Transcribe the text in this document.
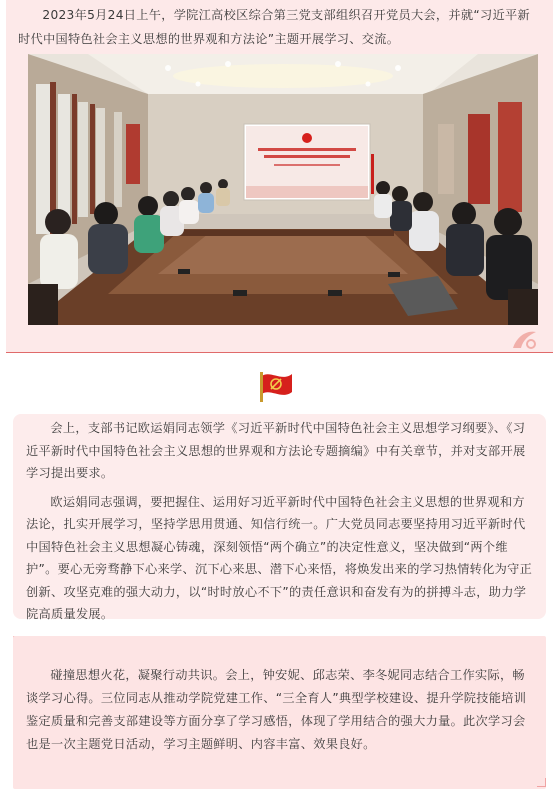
2023年5月24日上午，学院江高校区综合第三党支部组织召开党员大会，并就“习近平新时代中国特色社会主义思想的世界观和方法论”主题开展学习、交流。

会上，支部书记欧运娟同志领学《习近平新时代中国特色社会主义思想学习纲要》、《习近平新时代中国特色社会主义思想的世界观和方法论专题摘编》中有关章节，并对支部开展学习提出要求。

欧运娟同志强调，要把握住、运用好习近平新时代中国特色社会主义思想的世界观和方法论，扎实开展学习，坚持学思用贯通、知信行统一。广大党员同志要坚持用习近平新时代中国特色社会主义思想凝心铸魂，深刻领悟“两个确立”的决定性意义，坚决做到“两个维护”。要心无旁骛静下心来学、沉下心来思、潜下心来悟，将焕发出来的学习热情转化为守正创新、攻坚克难的强大动力，以“时时放心不下”的责任意识和奋发有为的拼搏斗志，助力学院高质量发展。

碰撞思想火花，凝聚行动共识。会上，钟安妮、邱志荣、李冬妮同志结合工作实际，畅谈学习心得。三位同志从推动学院党建工作、“三全育人”典型学校建设、提升学院技能培训鉴定质量和完善支部建设等方面分享了学习感悟，体现了学用结合的强大力量。此次学习会也是一次主题党日活动，学习主题鲜明、内容丰富、效果良好。
